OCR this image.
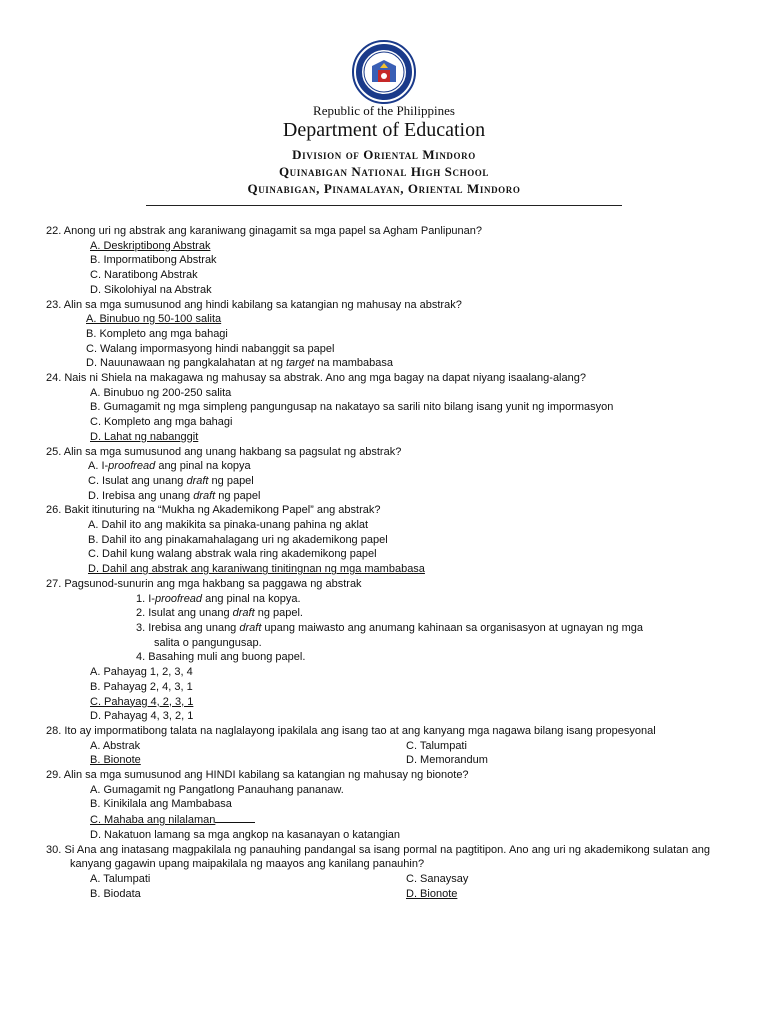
Republic of the Philippines
Department of Education
Division of Oriental Mindoro
Quinabigan National High School
Quinabigan, Pinamalayan, Oriental Mindoro

22. Anong uri ng abstrak ang karaniwang ginagamit sa mga papel sa Agham Panlipunan?

A. Deskriptibong Abstrak

B. Impormatibong Abstrak

C. Naratibong Abstrak

D. Sikolohiyal na Abstrak

23. Alin sa mga sumusunod ang hindi kabilang sa katangian ng mahusay na abstrak?

A. Binubuo ng 50-100 salita

B. Kompleto ang mga bahagi

C. Walang impormasyong hindi nabanggit sa papel

D. Nauunawaan ng pangkalahatan at ng target na mambabasa

24. Nais ni Shiela na makagawa ng mahusay sa abstrak. Ano ang mga bagay na dapat niyang isaalang-alang?

A. Binubuo ng 200-250 salita

B. Gumagamit ng mga simpleng pangungusap na nakatayo sa sarili nito bilang isang yunit ng impormasyon

C. Kompleto ang mga bahagi

D. Lahat ng nabanggit

25. Alin sa mga sumusunod ang unang hakbang sa pagsulat ng abstrak?

A. I-proofread ang pinal na kopya

C. Isulat ang unang draft ng papel

D. Irebisa ang unang draft ng papel

26. Bakit itinuturing na “Mukha ng Akademikong Papel” ang abstrak?

A. Dahil ito ang makikita sa pinaka-unang pahina ng aklat

B. Dahil ito ang pinakamahalagang uri ng akademikong papel

C. Dahil kung walang abstrak wala ring akademikong papel

D. Dahil ang abstrak ang karaniwang tinitingnan ng mga mambabasa

27. Pagsunod-sunurin ang mga hakbang sa paggawa ng abstrak

1. I-proofread ang pinal na kopya.

2. Isulat ang unang draft ng papel.

3. Irebisa ang unang draft upang maiwasto ang anumang kahinaan sa organisasyon at ugnayan ng mga

salita o pangungusap.

4. Basahing muli ang buong papel.

A. Pahayag 1, 2, 3, 4

B. Pahayag 2, 4, 3, 1

C. Pahayag 4, 2, 3, 1

D. Pahayag 4, 3, 2, 1

28. Ito ay impormatibong talata na naglalayong ipakilala ang isang tao at ang kanyang mga nagawa bilang isang propesyonal

A. Abstrak	C. Talumpati
B. Bionote	D. Memorandum

29. Alin sa mga sumusunod ang HINDI kabilang sa katangian ng mahusay ng bionote?

A. Gumagamit ng Pangatlong Panauhang pananaw.

B. Kinikilala ang Mambabasa

C. Mahaba ang nilalaman

D. Nakatuon lamang sa mga angkop na kasanayan o katangian

30. Si Ana ang inatasang magpakilala ng panauhing pandangal sa isang pormal na pagtitipon. Ano ang uri ng akademikong sulatan ang kanyang gagawin upang maipakilala ng maayos ang kanilang panauhin?

A. Talumpati	C. Sanaysay
B. Biodata	D. Bionote
